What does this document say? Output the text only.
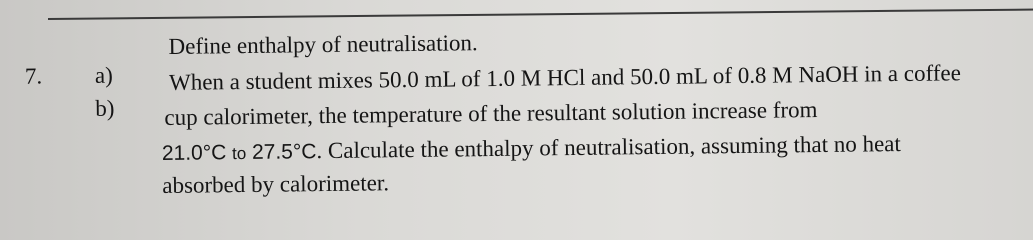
7. a)
b)
Define enthalpy of neutralisation.
When a student mixes 50.0 mL of 1.0 M HCl and 50.0 mL of 0.8 M NaOH in a coffee
cup calorimeter, the temperature of the resultant solution increase from
21.0°C to 27.5°C. Calculate the enthalpy of neutralisation, assuming that no heat
absorbed by calorimeter.
